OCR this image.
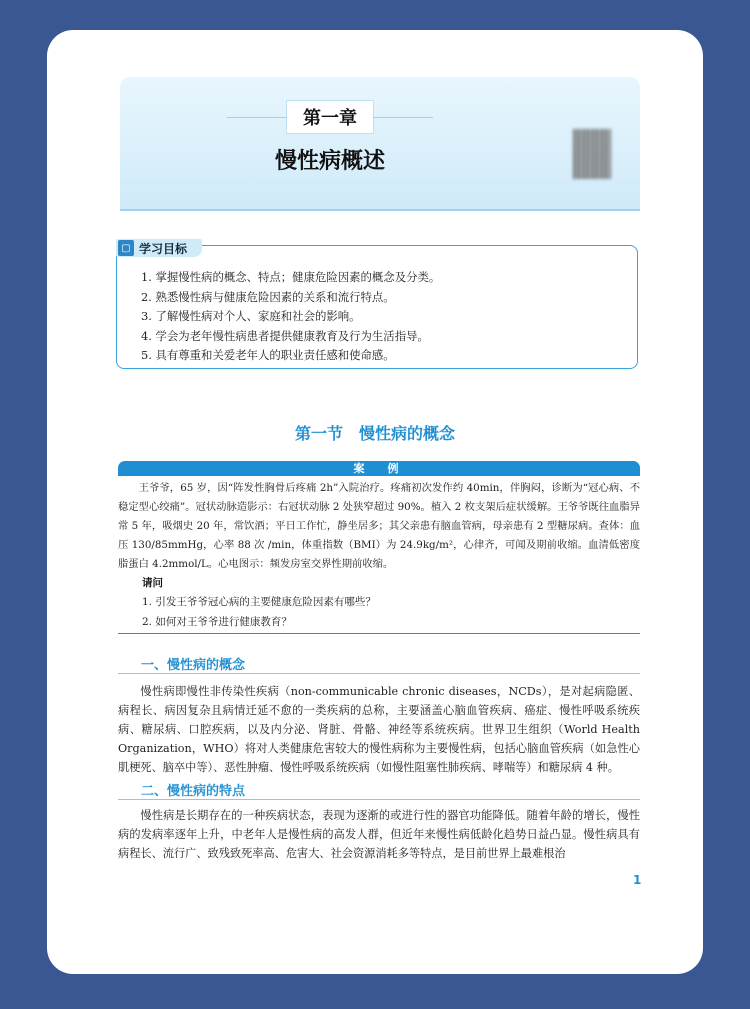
第一章
慢性病概述
▢ 学习目标
1. 掌握慢性病的概念、特点；健康危险因素的概念及分类。
2. 熟悉慢性病与健康危险因素的关系和流行特点。
3. 了解慢性病对个人、家庭和社会的影响。
4. 学会为老年慢性病患者提供健康教育及行为生活指导。
5. 具有尊重和关爱老年人的职业责任感和使命感。
第一节　慢性病的概念
案　例

王爷爷，65 岁，因“阵发性胸骨后疼痛 2h”入院治疗。疼痛初次发作约 40min，伴胸闷，诊断为“冠心病、不稳定型心绞痛”。冠状动脉造影示：右冠状动脉 2 处狭窄超过 90%。植入 2 枚支架后症状缓解。王爷爷既往血脂异常 5 年，吸烟史 20 年，常饮酒；平日工作忙，静坐居多；其父亲患有脑血管病，母亲患有 2 型糖尿病。查体：血压 130/85mmHg，心率 88 次 /min，体重指数（BMI）为 24.9kg/m²，心律齐，可闻及期前收缩。血清低密度脂蛋白 4.2mmol/L。心电图示：频发房室交界性期前收缩。

请问
1. 引发王爷爷冠心病的主要健康危险因素有哪些？
2. 如何对王爷爷进行健康教育？
一、慢性病的概念

慢性病即慢性非传染性疾病（non-communicable chronic diseases，NCDs），是对起病隐匿、病程长、病因复杂且病情迁延不愈的一类疾病的总称，主要涵盖心脑血管疾病、癌症、慢性呼吸系统疾病、糖尿病、口腔疾病，以及内分泌、肾脏、骨骼、神经等系统疾病。世界卫生组织（World Health Organization，WHO）将对人类健康危害较大的慢性病称为主要慢性病，包括心脑血管疾病（如急性心肌梗死、脑卒中等）、恶性肿瘤、慢性呼吸系统疾病（如慢性阻塞性肺疾病、哮喘等）和糖尿病 4 种。

二、慢性病的特点

慢性病是长期存在的一种疾病状态，表现为逐渐的或进行性的器官功能降低。随着年龄的增长，慢性病的发病率逐年上升，中老年人是慢性病的高发人群，但近年来慢性病低龄化趋势日益凸显。慢性病具有病程长、流行广、致残致死率高、危害大、社会资源消耗多等特点，是目前世界上最难根治

1
